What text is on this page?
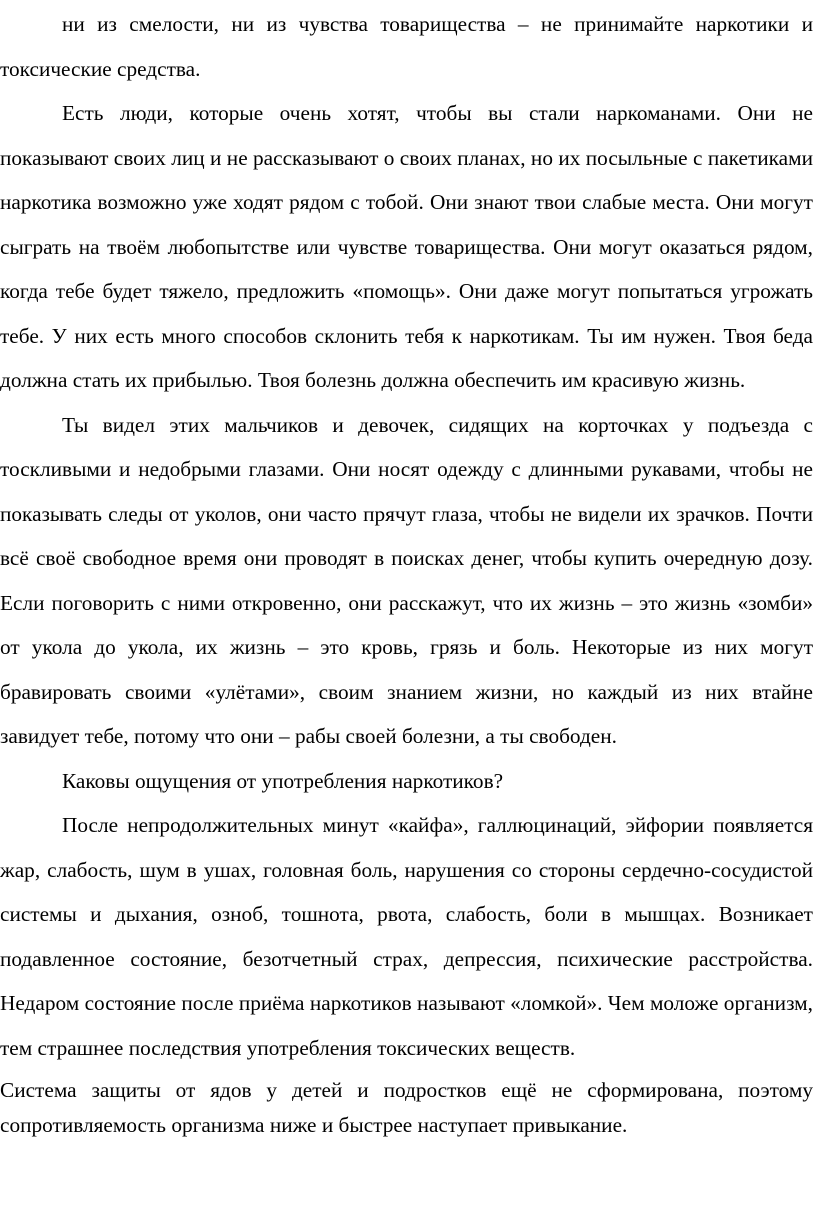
ни из смелости, ни из чувства товарищества – не принимайте наркотики и токсические средства.

Есть люди, которые очень хотят, чтобы вы стали наркоманами. Они не показывают своих лиц и не рассказывают о своих планах, но их посыльные с пакетиками наркотика возможно уже ходят рядом с тобой. Они знают твои слабые места. Они могут сыграть на твоём любопытстве или чувстве товарищества. Они могут оказаться рядом, когда тебе будет тяжело, предложить «помощь». Они даже могут попытаться угрожать тебе. У них есть много способов склонить тебя к наркотикам. Ты им нужен. Твоя беда должна стать их прибылью. Твоя болезнь должна обеспечить им красивую жизнь.

Ты видел этих мальчиков и девочек, сидящих на корточках у подъезда с тоскливыми и недобрыми глазами. Они носят одежду с длинными рукавами, чтобы не показывать следы от уколов, они часто прячут глаза, чтобы не видели их зрачков. Почти всё своё свободное время они проводят в поисках денег, чтобы купить очередную дозу. Если поговорить с ними откровенно, они расскажут, что их жизнь – это жизнь «зомби» от укола до укола, их жизнь – это кровь, грязь и боль. Некоторые из них могут бравировать своими «улётами», своим знанием жизни, но каждый из них втайне завидует тебе, потому что они – рабы своей болезни, а ты свободен.

Каковы ощущения от употребления наркотиков?

После непродолжительных минут «кайфа», галлюцинаций, эйфории появляется жар, слабость, шум в ушах, головная боль, нарушения со стороны сердечно-сосудистой системы и дыхания, озноб, тошнота, рвота, слабость, боли в мышцах. Возникает подавленное состояние, безотчетный страх, депрессия, психические расстройства. Недаром состояние после приёма наркотиков называют «ломкой». Чем моложе организм, тем страшнее последствия употребления токсических веществ.

Система защиты от ядов у детей и подростков ещё не сформирована, поэтому сопротивляемость организма ниже и быстрее наступает привыкание.
